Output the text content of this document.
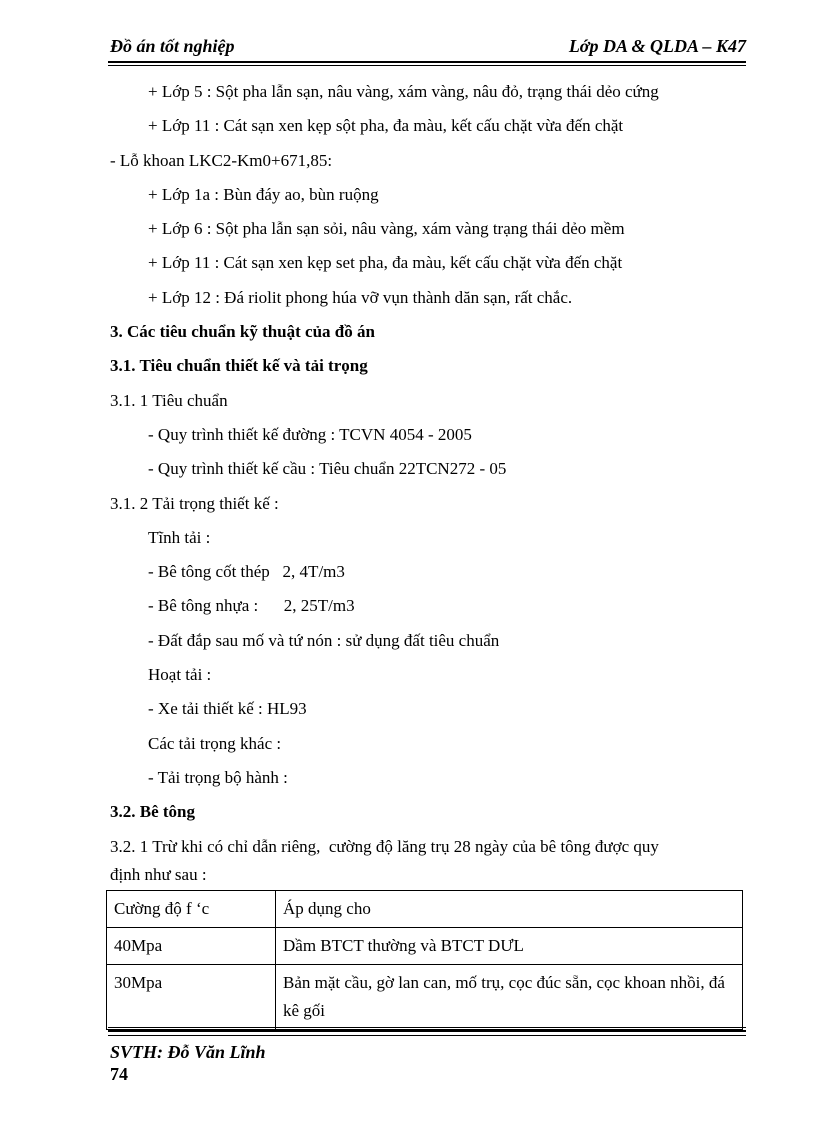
Đồ án tốt nghiệp	Lớp DA & QLDA – K47
+ Lớp 5 : Sột pha lẫn sạn, nâu vàng, xám vàng, nâu đỏ, trạng thái dẻo cứng
+ Lớp 11 : Cát sạn xen kẹp sột pha, đa màu, kết cấu chặt vừa đến chặt
- Lỗ khoan LKC2-Km0+671,85:
+ Lớp 1a : Bùn đáy ao, bùn ruộng
+ Lớp 6 : Sột pha lẫn sạn sỏi, nâu vàng, xám vàng trạng thái dẻo mềm
+ Lớp 11 : Cát sạn xen kẹp set pha, đa màu, kết cấu chặt vừa đến chặt
+ Lớp 12 : Đá riolit phong húa vỡ vụn thành dăn sạn, rất chắc.
3. Các tiêu chuẩn kỹ thuật của đồ án
3.1. Tiêu chuẩn thiết kế và tải trọng
3.1. 1 Tiêu chuẩn
- Quy trình thiết kế đường : TCVN 4054 - 2005
- Quy trình thiết kế cầu : Tiêu chuẩn 22TCN272 - 05
3.1. 2 Tải trọng thiết kế :
Tĩnh tải :
- Bê tông cốt thép   2, 4T/m3
- Bê tông nhựa :      2, 25T/m3
- Đất đắp sau mố và tứ nón : sử dụng đất tiêu chuẩn
Hoạt tải :
- Xe tải thiết kế : HL93
Các tải trọng khác :
- Tải trọng bộ hành :
3.2. Bê tông
3.2. 1 Trừ khi có chỉ dẫn riêng,  cường độ lăng trụ 28 ngày của bê tông được quy
định như sau :
Cường độ f ‘c	Áp dụng cho
40Mpa	Dầm BTCT thường và BTCT DƯL
30Mpa	Bản mặt cầu, gờ lan can, mố trụ, cọc đúc sẵn, cọc khoan nhồi, đá kê gối
SVTH: Đỗ Văn Lĩnh
74
